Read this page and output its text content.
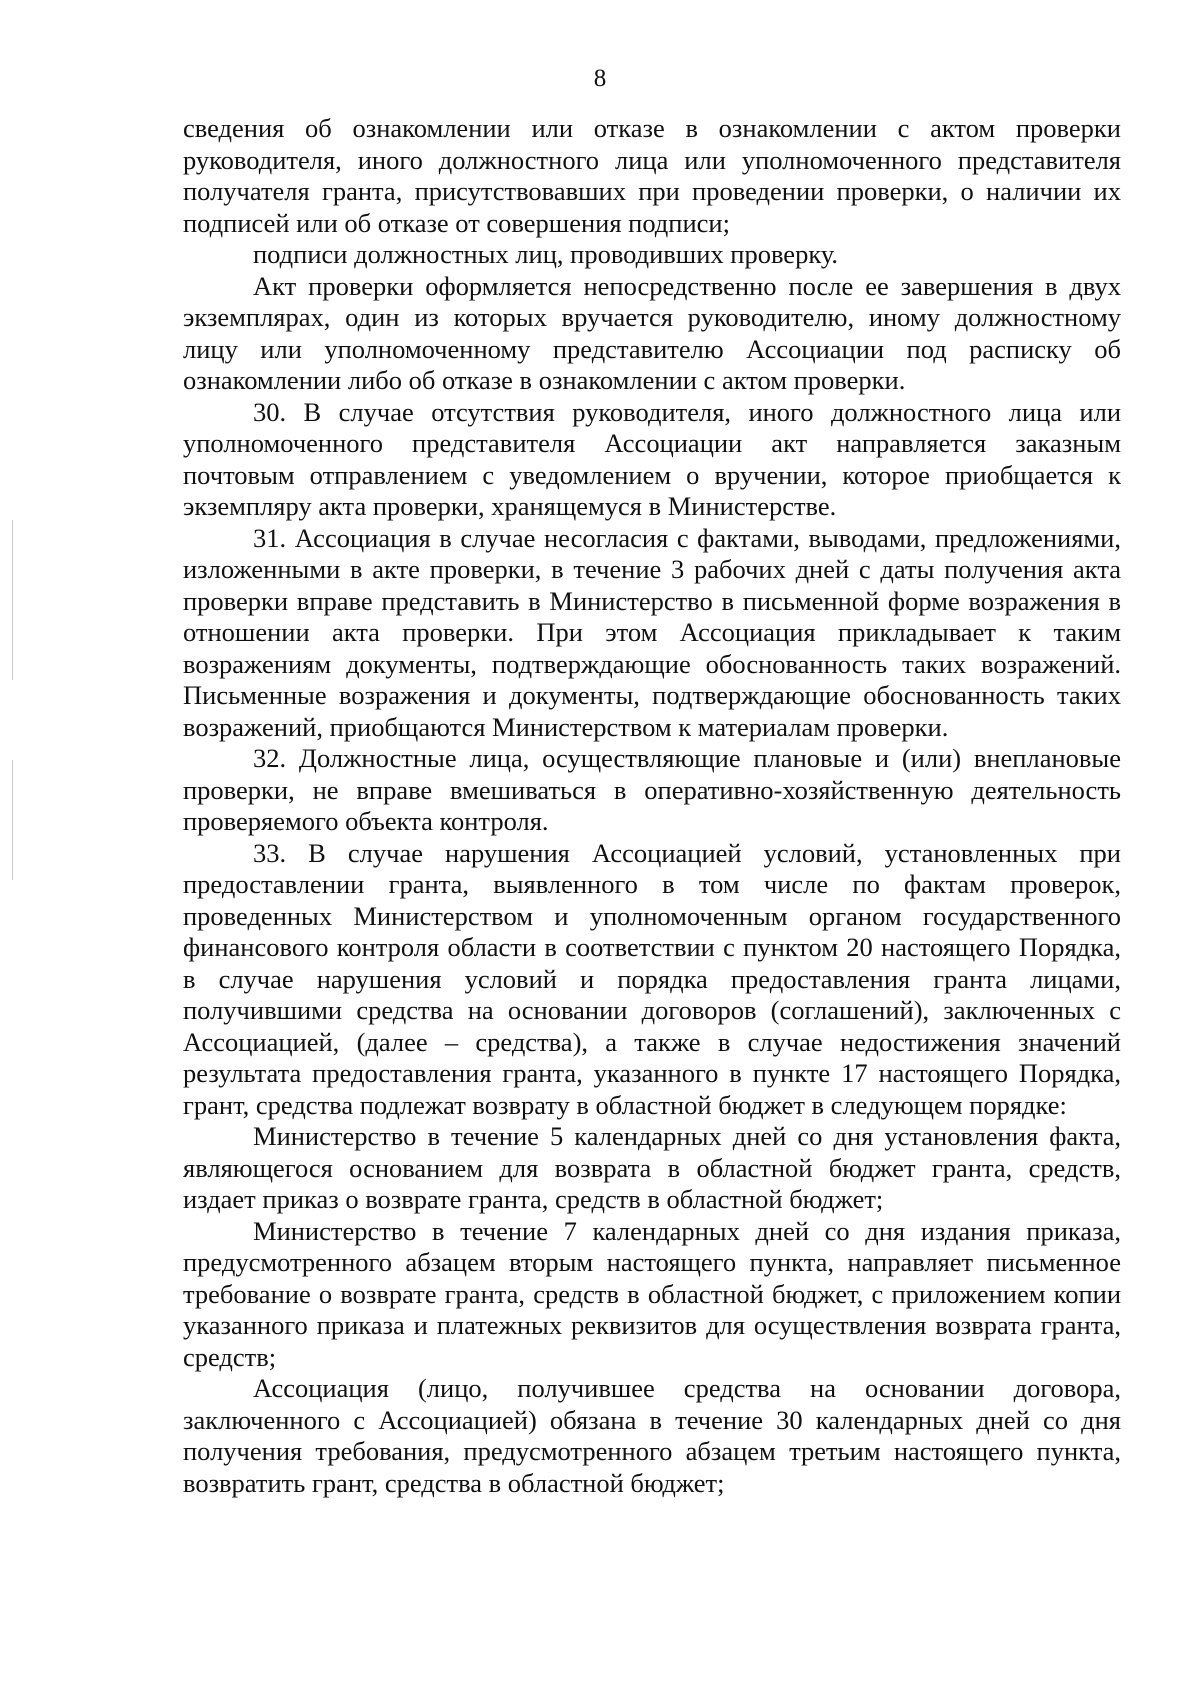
8

сведения об ознакомлении или отказе в ознакомлении с актом проверки руководителя, иного должностного лица или уполномоченного представителя получателя гранта, присутствовавших при проведении проверки, о наличии их подписей или об отказе от совершения подписи;

подписи должностных лиц, проводивших проверку.

Акт проверки оформляется непосредственно после ее завершения в двух экземплярах, один из которых вручается руководителю, иному должностному лицу или уполномоченному представителю Ассоциации под расписку об ознакомлении либо об отказе в ознакомлении с актом проверки.

30. В случае отсутствия руководителя, иного должностного лица или уполномоченного представителя Ассоциации акт направляется заказным почтовым отправлением с уведомлением о вручении, которое приобщается к экземпляру акта проверки, хранящемуся в Министерстве.

31. Ассоциация в случае несогласия с фактами, выводами, предложениями, изложенными в акте проверки, в течение 3 рабочих дней с даты получения акта проверки вправе представить в Министерство в письменной форме возражения в отношении акта проверки. При этом Ассоциация прикладывает к таким возражениям документы, подтверждающие обоснованность таких возражений. Письменные возражения и документы, подтверждающие обоснованность таких возражений, приобщаются Министерством к материалам проверки.

32. Должностные лица, осуществляющие плановые и (или) внеплановые проверки, не вправе вмешиваться в оперативно-хозяйственную деятельность проверяемого объекта контроля.

33. В случае нарушения Ассоциацией условий, установленных при предоставлении гранта, выявленного в том числе по фактам проверок, проведенных Министерством и уполномоченным органом государственного финансового контроля области в соответствии с пунктом 20 настоящего Порядка, в случае нарушения условий и порядка предоставления гранта лицами, получившими средства на основании договоров (соглашений), заключенных с Ассоциацией, (далее – средства), а также в случае недостижения значений результата предоставления гранта, указанного в пункте 17 настоящего Порядка, грант, средства подлежат возврату в областной бюджет в следующем порядке:

Министерство в течение 5 календарных дней со дня установления факта, являющегося основанием для возврата в областной бюджет гранта, средств, издает приказ о возврате гранта, средств в областной бюджет;

Министерство в течение 7 календарных дней со дня издания приказа, предусмотренного абзацем вторым настоящего пункта, направляет письменное требование о возврате гранта, средств в областной бюджет, с приложением копии указанного приказа и платежных реквизитов для осуществления возврата гранта, средств;

Ассоциация (лицо, получившее средства на основании договора, заключенного с Ассоциацией) обязана в течение 30 календарных дней со дня получения требования, предусмотренного абзацем третьим настоящего пункта, возвратить грант, средства в областной бюджет;
